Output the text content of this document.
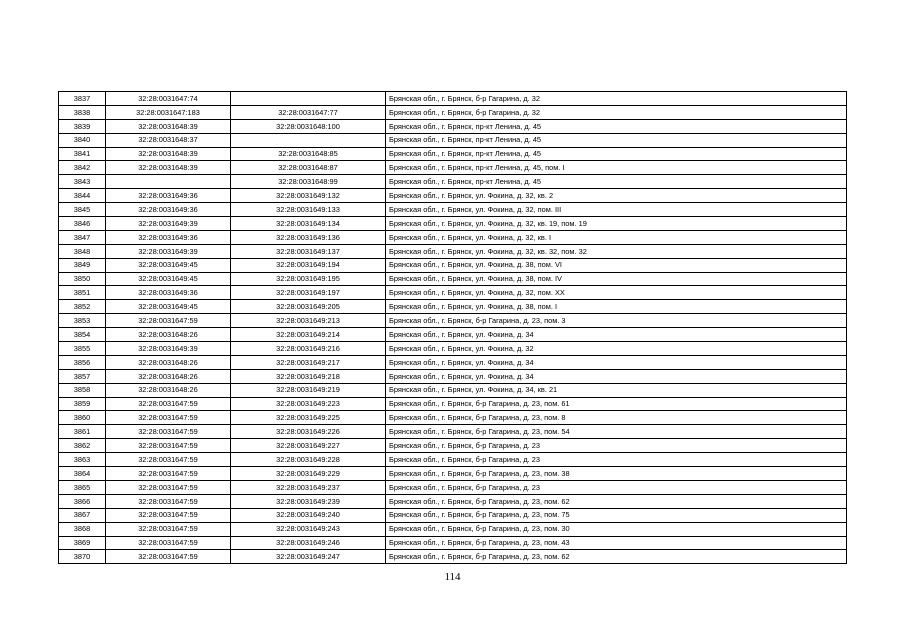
3837	32:28:0031647:74		Брянская обл., г. Брянск, б-р Гагарина, д. 32
3838	32:28:0031647:183	32:28:0031647:77	Брянская обл., г. Брянск, б-р Гагарина, д. 32
3839	32:28:0031648:39	32:28:0031648:100	Брянская обл., г. Брянск, пр-кт Ленина, д. 45
3840	32:28:0031648:37		Брянская обл., г. Брянск, пр-кт Ленина, д. 45
3841	32:28:0031648:39	32:28:0031648:85	Брянская обл., г. Брянск, пр-кт Ленина, д. 45
3842	32:28:0031648:39	32:28:0031648:87	Брянская обл., г. Брянск, пр-кт Ленина, д. 45, пом. I
3843		32:28:0031648:99	Брянская обл., г. Брянск, пр-кт Ленина, д. 45
3844	32:28:0031649:36	32:28:0031649:132	Брянская обл., г. Брянск, ул. Фокина, д. 32, кв. 2
3845	32:28:0031649:36	32:28:0031649:133	Брянская обл., г. Брянск, ул. Фокина, д. 32, пом. III
3846	32:28:0031649:39	32:28:0031649:134	Брянская обл., г. Брянск, ул. Фокина, д. 32, кв. 19, пом. 19
3847	32:28:0031649:36	32:28:0031649:136	Брянская обл., г. Брянск, ул. Фокина, д. 32, кв. I
3848	32:28:0031649:39	32:28:0031649:137	Брянская обл., г. Брянск, ул. Фокина, д. 32, кв. 32, пом. 32
3849	32:28:0031649:45	32:28:0031649:194	Брянская обл., г. Брянск, ул. Фокина, д. 38, пом. VI
3850	32:28:0031649:45	32:28:0031649:195	Брянская обл., г. Брянск, ул. Фокина, д. 38, пом. IV
3851	32:28:0031649:36	32:28:0031649:197	Брянская обл., г. Брянск, ул. Фокина, д. 32, пом. XX
3852	32:28:0031649:45	32:28:0031649:205	Брянская обл., г. Брянск, ул. Фокина, д. 38, пом. I
3853	32:28:0031647:59	32:28:0031649:213	Брянская обл., г. Брянск, б-р Гагарина, д. 23, пом. 3
3854	32:28:0031648:26	32:28:0031649:214	Брянская обл., г. Брянск, ул. Фокина, д. 34
3855	32:28:0031649:39	32:28:0031649:216	Брянская обл., г. Брянск, ул. Фокина, д. 32
3856	32:28:0031648:26	32:28:0031649:217	Брянская обл., г. Брянск, ул. Фокина, д. 34
3857	32:28:0031648:26	32:28:0031649:218	Брянская обл., г. Брянск, ул. Фокина, д. 34
3858	32:28:0031648:26	32:28:0031649:219	Брянская обл., г. Брянск, ул. Фокина, д. 34, кв. 21
3859	32:28:0031647:59	32:28:0031649:223	Брянская обл., г. Брянск, б-р Гагарина, д. 23, пом. 61
3860	32:28:0031647:59	32:28:0031649:225	Брянская обл., г. Брянск, б-р Гагарина, д. 23, пом. 8
3861	32:28:0031647:59	32:28:0031649:226	Брянская обл., г. Брянск, б-р Гагарина, д. 23, пом. 54
3862	32:28:0031647:59	32:28:0031649:227	Брянская обл., г. Брянск, б-р Гагарина, д. 23
3863	32:28:0031647:59	32:28:0031649:228	Брянская обл., г. Брянск, б-р Гагарина, д. 23
3864	32:28:0031647:59	32:28:0031649:229	Брянская обл., г. Брянск, б-р Гагарина, д. 23, пом. 38
3865	32:28:0031647:59	32:28:0031649:237	Брянская обл., г. Брянск, б-р Гагарина, д. 23
3866	32:28:0031647:59	32:28:0031649:239	Брянская обл., г. Брянск, б-р Гагарина, д. 23, пом. 62
3867	32:28:0031647:59	32:28:0031649:240	Брянская обл., г. Брянск, б-р Гагарина, д. 23, пом. 75
3868	32:28:0031647:59	32:28:0031649:243	Брянская обл., г. Брянск, б-р Гагарина, д. 23, пом. 30
3869	32:28:0031647:59	32:28:0031649:246	Брянская обл., г. Брянск, б-р Гагарина, д. 23, пом. 43
3870	32:28:0031647:59	32:28:0031649:247	Брянская обл., г. Брянск, б-р Гагарина, д. 23, пом. 62
114
